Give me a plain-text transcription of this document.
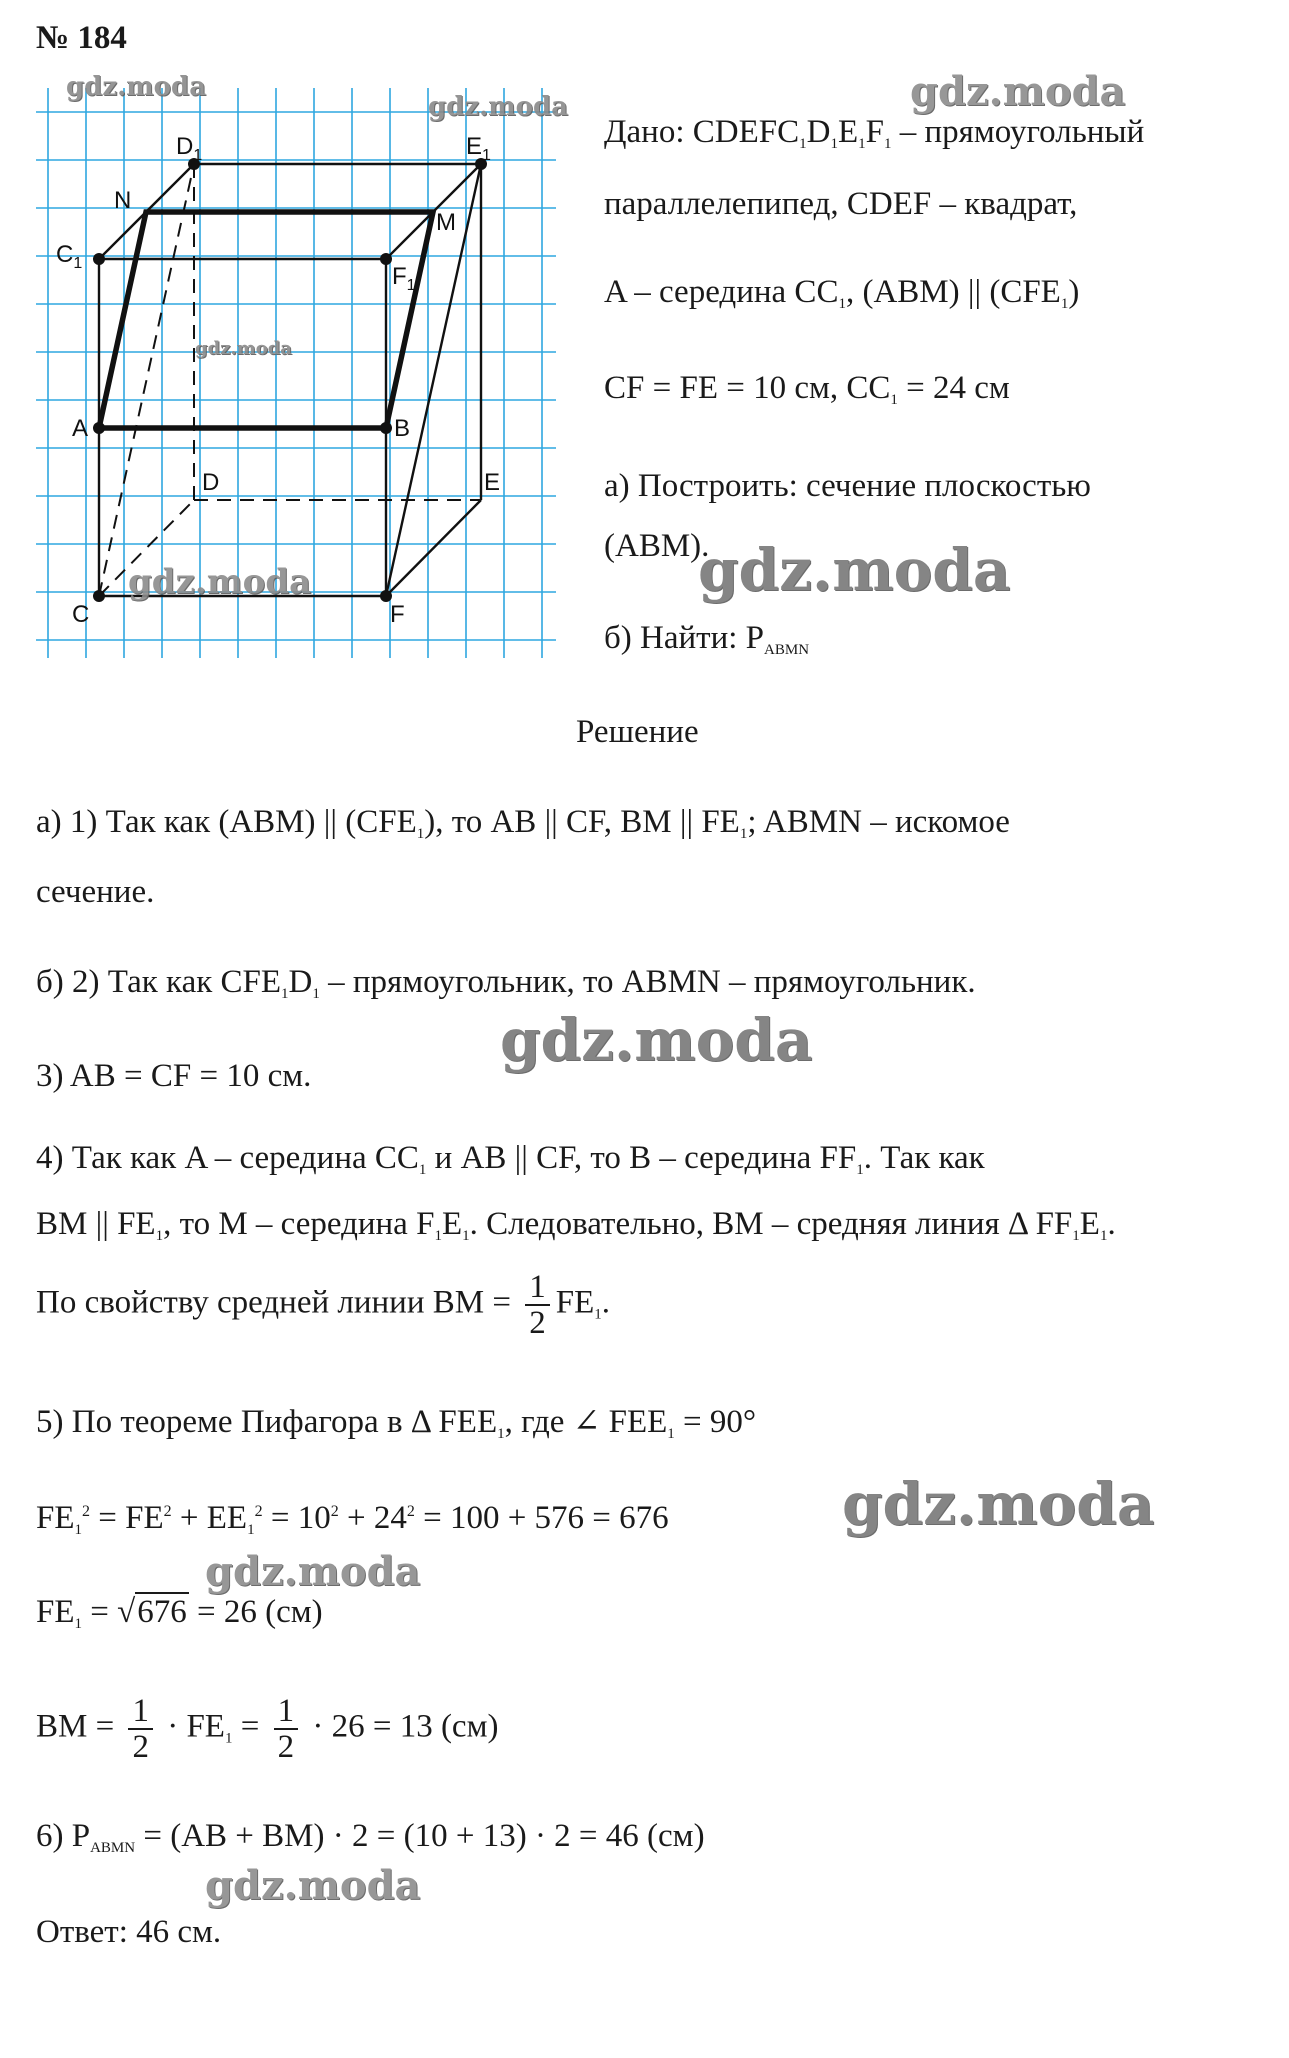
№ 184
$D_1$	$E_1$
N
M
$C_1$	$F_1$
A	B
D	E
C	F
gdz.moda
gdz.moda	gdz.moda
gdz.moda
gdz.moda	gdz.moda
gdz.moda
gdz.moda
gdz.moda
gdz.moda
Дано: $CDEFC_1D_1E_1F_1$ – прямоугольный
параллелепипед, CDEF – квадрат,
A – середина $CC_1$, (ABM) || $(CFE_1)$
CF = FE = 10 см, $CC_1 = 24$ см
а) Построить: сечение плоскостью
(ABM).
б) Найти: $P_{ABMN}$
Решение
а) 1) Так как (ABM) || $(CFE_1)$, то AB || CF, BM || $FE_1$; ABMN – искомое
сечение.
б) 2) Так как $CFE_1D_1$ – прямоугольник, то ABMN – прямоугольник.
3) AB = CF = 10 см.
4) Так как A – середина $CC_1$ и AB || CF, то B – середина $FF_1$. Так как
BM || $FE_1$, то M – середина $F_1E_1$. Следовательно, BM – средняя линия Δ $FF_1E_1$.
По свойству средней линии BM = $\frac{1}{2} FE_1$.
5) По теореме Пифагора в Δ $FEE_1$, где ∠ $FEE_1 = 90^\circ$
$FE_1^2 = FE^2 + EE_1^2 = 10^2 + 24^2 = 100 + 576 = 676$
$FE_1 = √676 = 26$ (см)
BM = $\frac{1}{2} \cdot FE_1 = \frac{1}{2} \cdot 26 = 13$ (см)
6) $P_{ABMN} = (AB + BM) \cdot 2 = (10 + 13) \cdot 2 = 46$ (см)
Ответ: 46 см.
